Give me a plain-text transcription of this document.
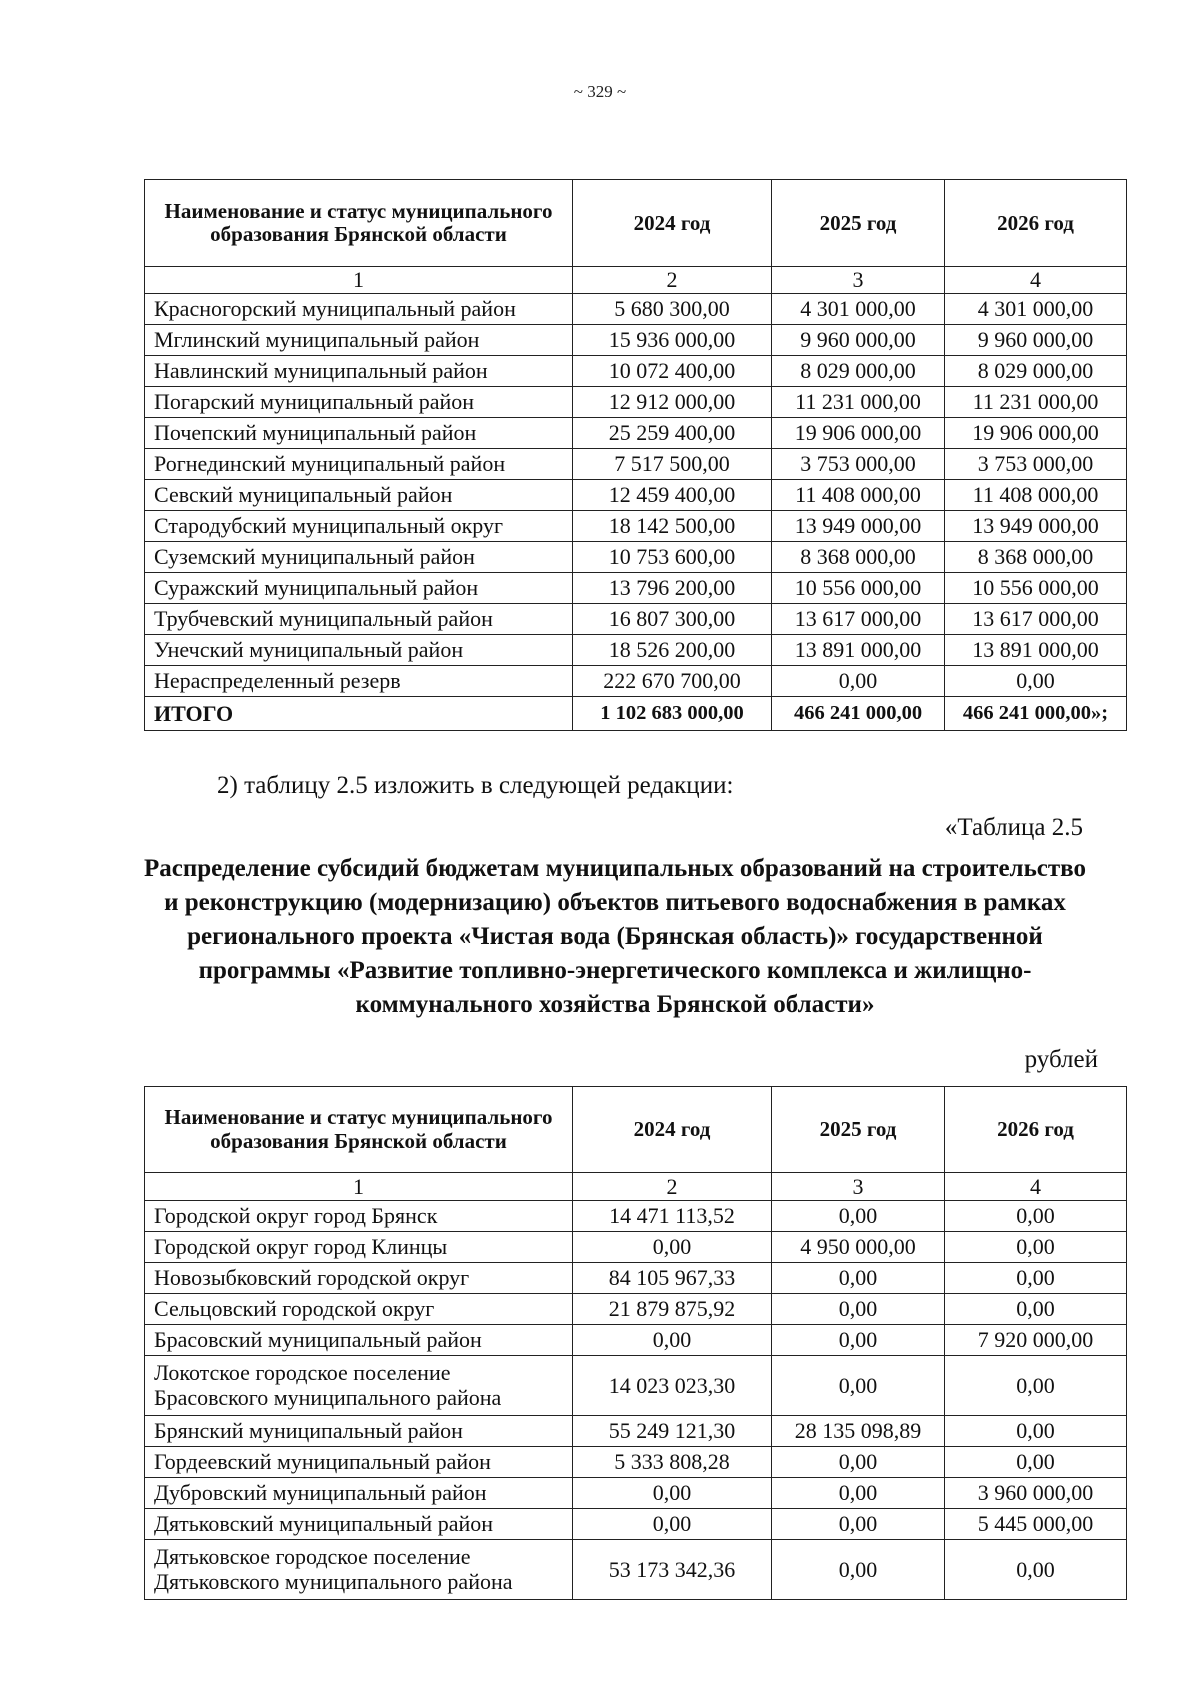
~ 329 ~
Наименование и статус муниципального образования Брянской области	2024 год	2025 год	2026 год
1	2	3	4
Красногорский муниципальный район	5 680 300,00	4 301 000,00	4 301 000,00
Мглинский муниципальный район	15 936 000,00	9 960 000,00	9 960 000,00
Навлинский муниципальный район	10 072 400,00	8 029 000,00	8 029 000,00
Погарский муниципальный район	12 912 000,00	11 231 000,00	11 231 000,00
Почепский муниципальный район	25 259 400,00	19 906 000,00	19 906 000,00
Рогнединский муниципальный район	7 517 500,00	3 753 000,00	3 753 000,00
Севский муниципальный район	12 459 400,00	11 408 000,00	11 408 000,00
Стародубский муниципальный округ	18 142 500,00	13 949 000,00	13 949 000,00
Суземский муниципальный район	10 753 600,00	8 368 000,00	8 368 000,00
Суражский муниципальный район	13 796 200,00	10 556 000,00	10 556 000,00
Трубчевский муниципальный район	16 807 300,00	13 617 000,00	13 617 000,00
Унечский муниципальный район	18 526 200,00	13 891 000,00	13 891 000,00
Нераспределенный резерв	222 670 700,00	0,00	0,00
ИТОГО	1 102 683 000,00	466 241 000,00	466 241 000,00»;
2) таблицу 2.5 изложить в следующей редакции:
«Таблица 2.5
Распределение субсидий бюджетам муниципальных образований на строительство и реконструкцию (модернизацию) объектов питьевого водоснабжения в рамках регионального проекта «Чистая вода (Брянская область)» государственной программы «Развитие топливно-энергетического комплекса и жилищно-коммунального хозяйства Брянской области»
рублей
Наименование и статус муниципального образования Брянской области	2024 год	2025 год	2026 год
1	2	3	4
Городской округ город Брянск	14 471 113,52	0,00	0,00
Городской округ город Клинцы	0,00	4 950 000,00	0,00
Новозыбковский городской округ	84 105 967,33	0,00	0,00
Сельцовский городской округ	21 879 875,92	0,00	0,00
Брасовский муниципальный район	0,00	0,00	7 920 000,00
Локотское городское поселение Брасовского муниципального района	14 023 023,30	0,00	0,00
Брянский муниципальный район	55 249 121,30	28 135 098,89	0,00
Гордеевский муниципальный район	5 333 808,28	0,00	0,00
Дубровский муниципальный район	0,00	0,00	3 960 000,00
Дятьковский муниципальный район	0,00	0,00	5 445 000,00
Дятьковское городское поселение Дятьковского муниципального района	53 173 342,36	0,00	0,00
